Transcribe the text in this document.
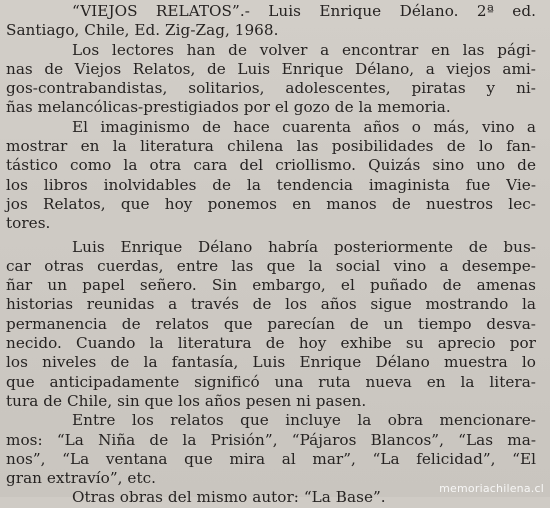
“VIEJOS RELATOS”.- Luis Enrique Délano. 2ª ed.
Santiago, Chile, Ed. Zig-Zag, 1968.
Los lectores han de volver a encontrar en las pági-
nas de Viejos Relatos, de Luis Enrique Délano, a viejos ami-
gos-contrabandistas, solitarios, adolescentes, piratas y ni-
ñas melancólicas-prestigiados por el gozo de la memoria.
El imaginismo de hace cuarenta años o más, vino a
mostrar en la literatura chilena las posibilidades de lo fan-
tástico como la otra cara del criollismo. Quizás sino uno de
los libros inolvidables de la tendencia imaginista fue Vie-
jos Relatos, que hoy ponemos en manos de nuestros lec-
tores.
Luis Enrique Délano habría posteriormente de bus-
car otras cuerdas, entre las que la social vino a desempe-
ñar un papel señero. Sin embargo, el puñado de amenas
historias reunidas a través de los años sigue mostrando la
permanencia de relatos que parecían de un tiempo desva-
necido. Cuando la literatura de hoy exhibe su aprecio por
los niveles de la fantasía, Luis Enrique Délano muestra lo
que anticipadamente significó una ruta nueva en la litera-
tura de Chile, sin que los años pesen ni pasen.
Entre los relatos que incluye la obra mencionare-
mos: “La Niña de la Prisión”, “Pájaros Blancos”, “Las ma-
nos”, “La ventana que mira al mar”, “La felicidad”, “El
gran extravío”, etc.
Otras obras del mismo autor: “La Base”.	memoriachilena.cl
